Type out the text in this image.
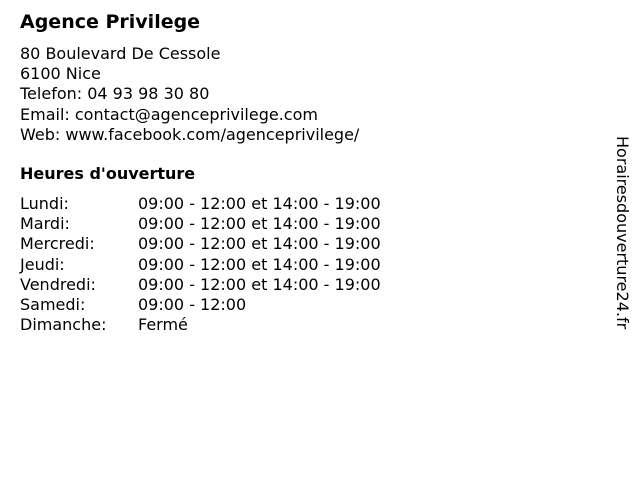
Agence Privilege
80 Boulevard De Cessole
6100 Nice
Telefon: 04 93 98 30 80
Email: contact@agenceprivilege.com
Web: www.facebook.com/agenceprivilege/
Heures d'ouverture
Lundi:	09:00 - 12:00 et 14:00 - 19:00
Mardi:	09:00 - 12:00 et 14:00 - 19:00
Mercredi:	09:00 - 12:00 et 14:00 - 19:00
Jeudi:	09:00 - 12:00 et 14:00 - 19:00
Vendredi:	09:00 - 12:00 et 14:00 - 19:00
Samedi:	09:00 - 12:00
Dimanche:	Fermé	Horairesdouverture24.fr
